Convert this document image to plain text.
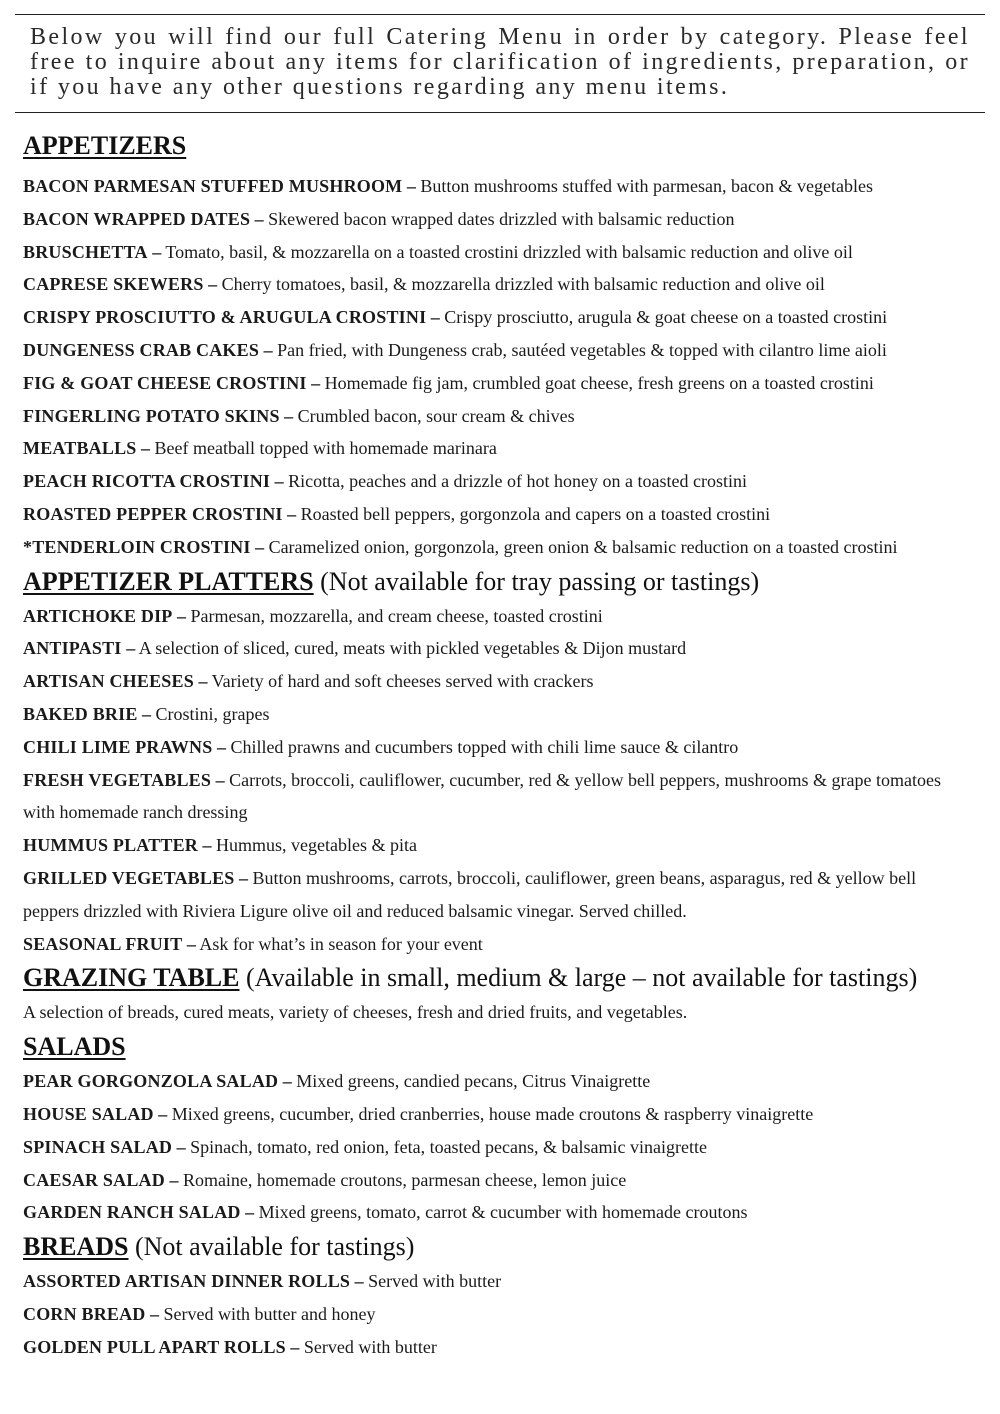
Below you will find our full Catering Menu in order by category. Please feel free to inquire about any items for clarification of ingredients, preparation, or if you have any other questions regarding any menu items.
APPETIZERS
BACON PARMESAN STUFFED MUSHROOM – Button mushrooms stuffed with parmesan, bacon & vegetables
BACON WRAPPED DATES – Skewered bacon wrapped dates drizzled with balsamic reduction
BRUSCHETTA – Tomato, basil, & mozzarella on a toasted crostini drizzled with balsamic reduction and olive oil
CAPRESE SKEWERS – Cherry tomatoes, basil, & mozzarella drizzled with balsamic reduction and olive oil
CRISPY PROSCIUTTO & ARUGULA CROSTINI – Crispy prosciutto, arugula & goat cheese on a toasted crostini
DUNGENESS CRAB CAKES – Pan fried, with Dungeness crab, sautéed vegetables & topped with cilantro lime aioli
FIG & GOAT CHEESE CROSTINI – Homemade fig jam, crumbled goat cheese, fresh greens on a toasted crostini
FINGERLING POTATO SKINS – Crumbled bacon, sour cream & chives
MEATBALLS – Beef meatball topped with homemade marinara
PEACH RICOTTA CROSTINI – Ricotta, peaches and a drizzle of hot honey on a toasted crostini
ROASTED PEPPER CROSTINI – Roasted bell peppers, gorgonzola and capers on a toasted crostini
*TENDERLOIN CROSTINI – Caramelized onion, gorgonzola, green onion & balsamic reduction on a toasted crostini
APPETIZER PLATTERS (Not available for tray passing or tastings)
ARTICHOKE DIP – Parmesan, mozzarella, and cream cheese, toasted crostini
ANTIPASTI – A selection of sliced, cured, meats with pickled vegetables & Dijon mustard
ARTISAN CHEESES – Variety of hard and soft cheeses served with crackers
BAKED BRIE – Crostini, grapes
CHILI LIME PRAWNS – Chilled prawns and cucumbers topped with chili lime sauce & cilantro
FRESH VEGETABLES – Carrots, broccoli, cauliflower, cucumber, red & yellow bell peppers, mushrooms & grape tomatoes with homemade ranch dressing
HUMMUS PLATTER – Hummus, vegetables & pita
GRILLED VEGETABLES – Button mushrooms, carrots, broccoli, cauliflower, green beans, asparagus, red & yellow bell peppers drizzled with Riviera Ligure olive oil and reduced balsamic vinegar. Served chilled.
SEASONAL FRUIT – Ask for what’s in season for your event
GRAZING TABLE (Available in small, medium & large – not available for tastings)
A selection of breads, cured meats, variety of cheeses, fresh and dried fruits, and vegetables.
SALADS
PEAR GORGONZOLA SALAD – Mixed greens, candied pecans, Citrus Vinaigrette
HOUSE SALAD – Mixed greens, cucumber, dried cranberries, house made croutons & raspberry vinaigrette
SPINACH SALAD – Spinach, tomato, red onion, feta, toasted pecans, & balsamic vinaigrette
CAESAR SALAD – Romaine, homemade croutons, parmesan cheese, lemon juice
GARDEN RANCH SALAD – Mixed greens, tomato, carrot & cucumber with homemade croutons
BREADS (Not available for tastings)
ASSORTED ARTISAN DINNER ROLLS – Served with butter
CORN BREAD – Served with butter and honey
GOLDEN PULL APART ROLLS – Served with butter
